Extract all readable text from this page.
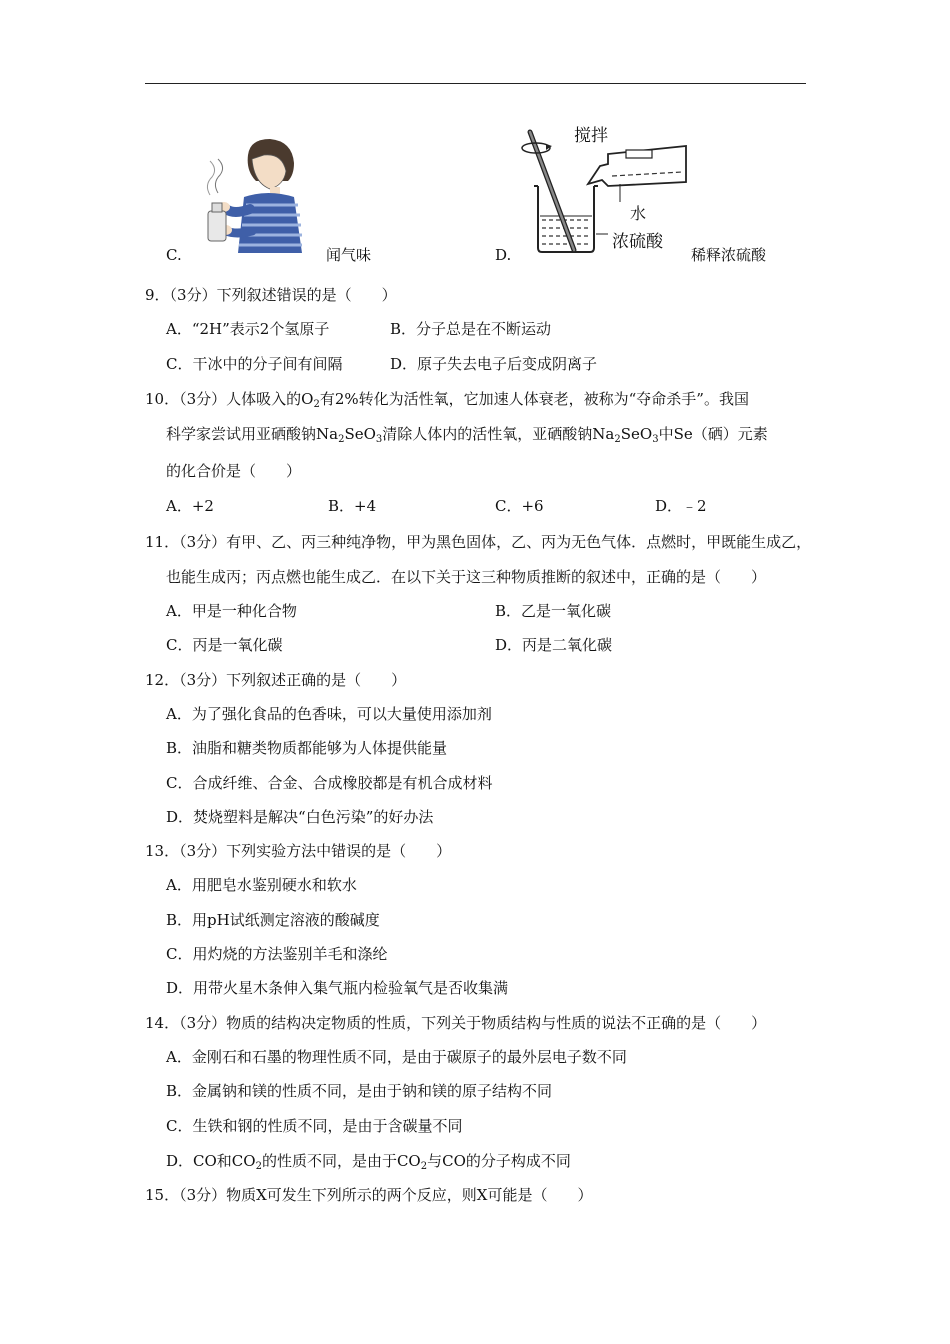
C.	闻气味
搅拌
水
浓硫酸
D.	稀释浓硫酸
9．（3分）下列叙述错误的是（　　）
A．“2H”表示2个氢原子	B．分子总是在不断运动
C．干冰中的分子间有间隔	D．原子失去电子后变成阴离子
10．（3分）人体吸入的$O_2$有2%转化为活性氧，它加速人体衰老，被称为“夺命杀手”。我国
科学家尝试用亚硒酸钠$Na_2SeO_3$清除人体内的活性氧，亚硒酸钠$Na_2SeO_3$中Se（硒）元素
的化合价是（　　）
A．+2	B．+4	C．+6	D．﹣2
11．（3分）有甲、乙、丙三种纯净物，甲为黑色固体，乙、丙为无色气体．点燃时，甲既能生成乙，
也能生成丙；丙点燃也能生成乙．在以下关于这三种物质推断的叙述中，正确的是（　　）
A．甲是一种化合物	B．乙是一氧化碳
C．丙是一氧化碳	D．丙是二氧化碳
12．（3分）下列叙述正确的是（　　）
A．为了强化食品的色香味，可以大量使用添加剂
B．油脂和糖类物质都能够为人体提供能量
C．合成纤维、合金、合成橡胶都是有机合成材料
D．焚烧塑料是解决“白色污染”的好办法
13．（3分）下列实验方法中错误的是（　　）
A．用肥皂水鉴别硬水和软水
B．用pH试纸测定溶液的酸碱度
C．用灼烧的方法鉴别羊毛和涤纶
D．用带火星木条伸入集气瓶内检验氧气是否收集满
14．（3分）物质的结构决定物质的性质，下列关于物质结构与性质的说法不正确的是（　　）
A．金刚石和石墨的物理性质不同，是由于碳原子的最外层电子数不同
B．金属钠和镁的性质不同，是由于钠和镁的原子结构不同
C．生铁和钢的性质不同，是由于含碳量不同
D．CO和$CO_2$的性质不同，是由于$CO_2$与CO的分子构成不同
15．（3分）物质X可发生下列所示的两个反应，则X可能是（　　）
